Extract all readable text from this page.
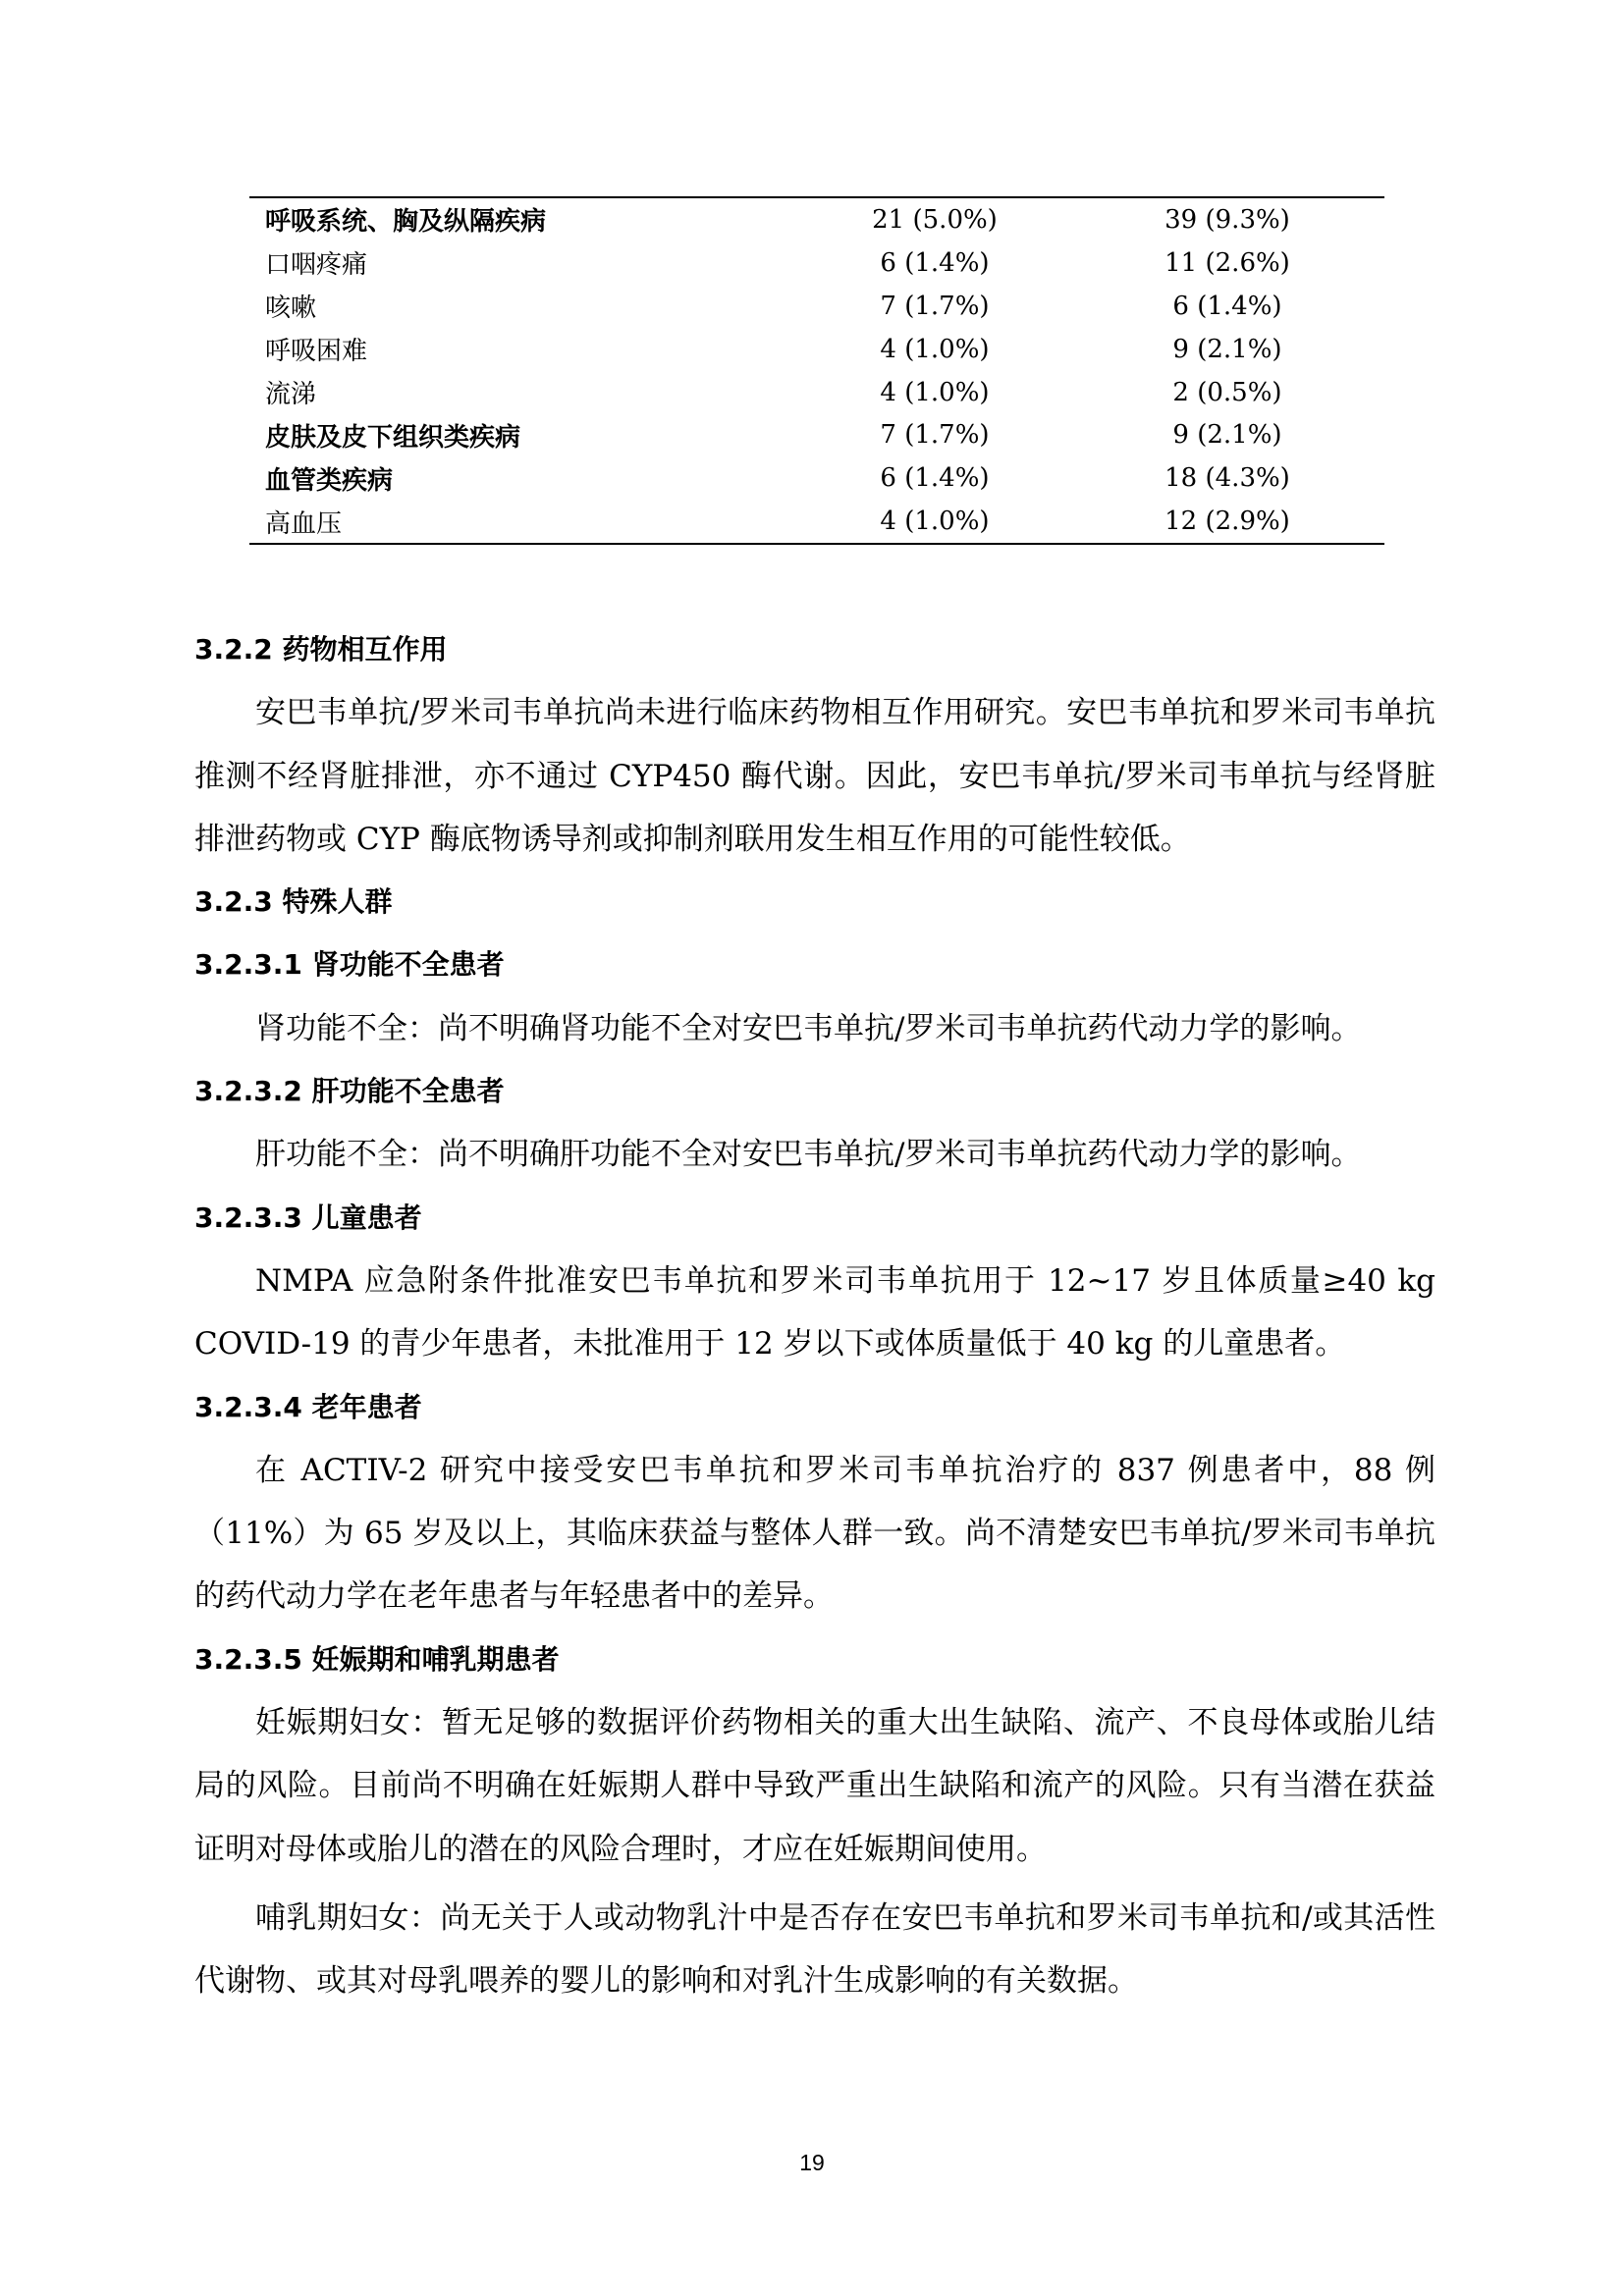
呼吸系统、胸及纵隔疾病	21 (5.0%)	39 (9.3%)
口咽疼痛	6 (1.4%)	11 (2.6%)
咳嗽	7 (1.7%)	6 (1.4%)
呼吸困难	4 (1.0%)	9 (2.1%)
流涕	4 (1.0%)	2 (0.5%)
皮肤及皮下组织类疾病	7 (1.7%)	9 (2.1%)
血管类疾病	6 (1.4%)	18 (4.3%)
高血压	4 (1.0%)	12 (2.9%)
3.2.2 药物相互作用
安巴韦单抗/罗米司韦单抗尚未进行临床药物相互作用研究。安巴韦单抗和罗米司韦单抗推测不经肾脏排泄，亦不通过 CYP450 酶代谢。因此，安巴韦单抗/罗米司韦单抗与经肾脏排泄药物或 CYP 酶底物诱导剂或抑制剂联用发生相互作用的可能性较低。
3.2.3 特殊人群
3.2.3.1 肾功能不全患者
肾功能不全：尚不明确肾功能不全对安巴韦单抗/罗米司韦单抗药代动力学的影响。
3.2.3.2 肝功能不全患者
肝功能不全：尚不明确肝功能不全对安巴韦单抗/罗米司韦单抗药代动力学的影响。
3.2.3.3 儿童患者
NMPA 应急附条件批准安巴韦单抗和罗米司韦单抗用于 12~17 岁且体质量≥40 kg COVID-19 的青少年患者，未批准用于 12 岁以下或体质量低于 40 kg 的儿童患者。
3.2.3.4 老年患者
在 ACTIV-2 研究中接受安巴韦单抗和罗米司韦单抗治疗的 837 例患者中，88 例（11%）为 65 岁及以上，其临床获益与整体人群一致。尚不清楚安巴韦单抗/罗米司韦单抗的药代动力学在老年患者与年轻患者中的差异。
3.2.3.5 妊娠期和哺乳期患者
妊娠期妇女：暂无足够的数据评价药物相关的重大出生缺陷、流产、不良母体或胎儿结局的风险。目前尚不明确在妊娠期人群中导致严重出生缺陷和流产的风险。只有当潜在获益证明对母体或胎儿的潜在的风险合理时，才应在妊娠期间使用。
哺乳期妇女：尚无关于人或动物乳汁中是否存在安巴韦单抗和罗米司韦单抗和/或其活性代谢物、或其对母乳喂养的婴儿的影响和对乳汁生成影响的有关数据。
19
